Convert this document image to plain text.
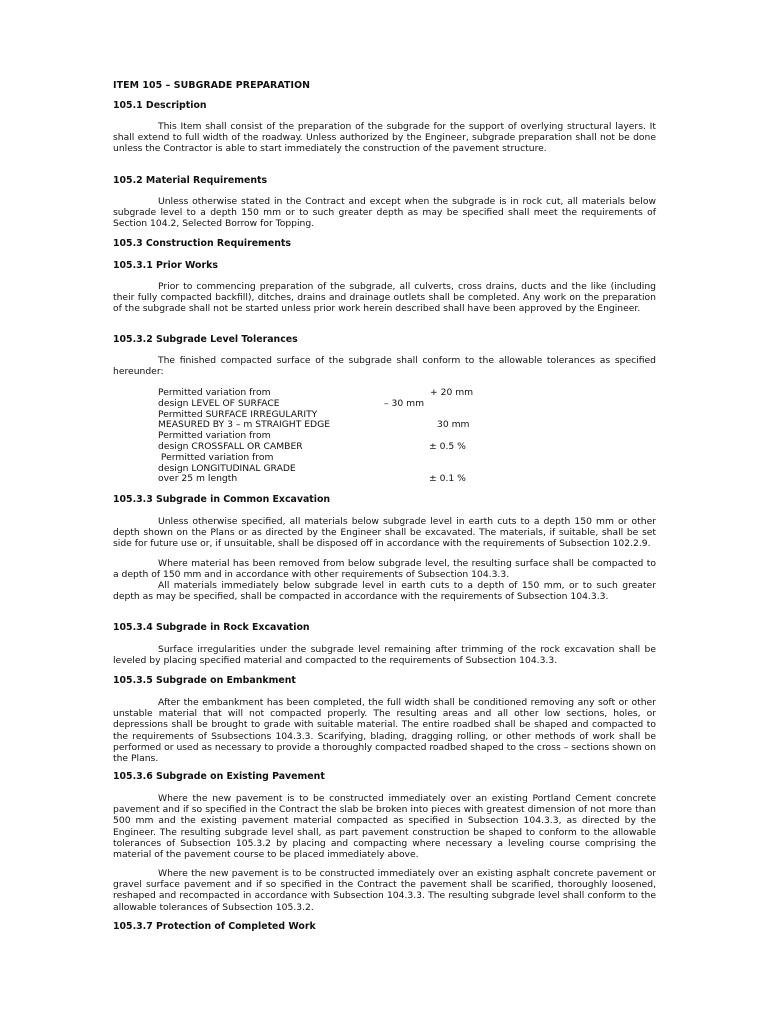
ITEM 105 – SUBGRADE PREPARATION
105.1 Description
This Item shall consist of the preparation of the subgrade for the support of overlying structural layers. It shall extend to full width of the roadway. Unless authorized by the Engineer, subgrade preparation shall not be done unless the Contractor is able to start immediately the construction of the pavement structure.
105.2 Material Requirements
Unless otherwise stated in the Contract and except when the subgrade is in rock cut, all materials below subgrade level to a depth 150 mm or to such greater depth as may be specified shall meet the requirements of Section 104.2, Selected Borrow for Topping.
105.3 Construction Requirements
105.3.1 Prior Works
Prior to commencing preparation of the subgrade, all culverts, cross drains, ducts and the like (including their fully compacted backfill), ditches, drains and drainage outlets shall be completed. Any work on the preparation of the subgrade shall not be started unless prior work herein described shall have been approved by the Engineer.
105.3.2 Subgrade Level Tolerances
The finished compacted surface of the subgrade shall conform to the allowable tolerances as specified hereunder:
Permitted variation from	+ 20 mm
design LEVEL OF SURFACE	– 30 mm
Permitted SURFACE IRREGULARITY
MEASURED BY 3 – m STRAIGHT EDGE	30 mm
Permitted variation from
design CROSSFALL OR CAMBER	± 0.5 %
Permitted variation from
design LONGITUDINAL GRADE
over 25 m length	± 0.1 %
105.3.3 Subgrade in Common Excavation
Unless otherwise specified, all materials below subgrade level in earth cuts to a depth 150 mm or other depth shown on the Plans or as directed by the Engineer shall be excavated. The materials, if suitable, shall be set side for future use or, if unsuitable, shall be disposed off in accordance with the requirements of Subsection 102.2.9.
Where material has been removed from below subgrade level, the resulting surface shall be compacted to a depth of 150 mm and in accordance with other requirements of Subsection 104.3.3.
All materials immediately below subgrade level in earth cuts to a depth of 150 mm, or to such greater depth as may be specified, shall be compacted in accordance with the requirements of Subsection 104.3.3.
105.3.4 Subgrade in Rock Excavation
Surface irregularities under the subgrade level remaining after trimming of the rock excavation shall be leveled by placing specified material and compacted to the requirements of Subsection 104.3.3.
105.3.5 Subgrade on Embankment
After the embankment has been completed, the full width shall be conditioned removing any soft or other unstable material that will not compacted properly. The resulting areas and all other low sections, holes, or depressions shall be brought to grade with suitable material. The entire roadbed shall be shaped and compacted to the requirements of Ssubsections 104.3.3. Scarifying, blading, dragging rolling, or other methods of work shall be performed or used as necessary to provide a thoroughly compacted roadbed shaped to the cross – sections shown on the Plans.
105.3.6 Subgrade on Existing Pavement
Where the new pavement is to be constructed immediately over an existing Portland Cement concrete pavement and if so specified in the Contract the slab be broken into pieces with greatest dimension of not more than 500 mm and the existing pavement material compacted as specified in Subsection 104.3.3, as directed by the Engineer. The resulting subgrade level shall, as part pavement construction be shaped to conform to the allowable tolerances of Subsection 105.3.2 by placing and compacting where necessary a leveling course comprising the material of the pavement course to be placed immediately above.
Where the new pavement is to be constructed immediately over an existing asphalt concrete pavement or gravel surface pavement and if so specified in the Contract the pavement shall be scarified, thoroughly loosened, reshaped and recompacted in accordance with Subsection 104.3.3. The resulting subgrade level shall conform to the allowable tolerances of Subsection 105.3.2.
105.3.7 Protection of Completed Work
